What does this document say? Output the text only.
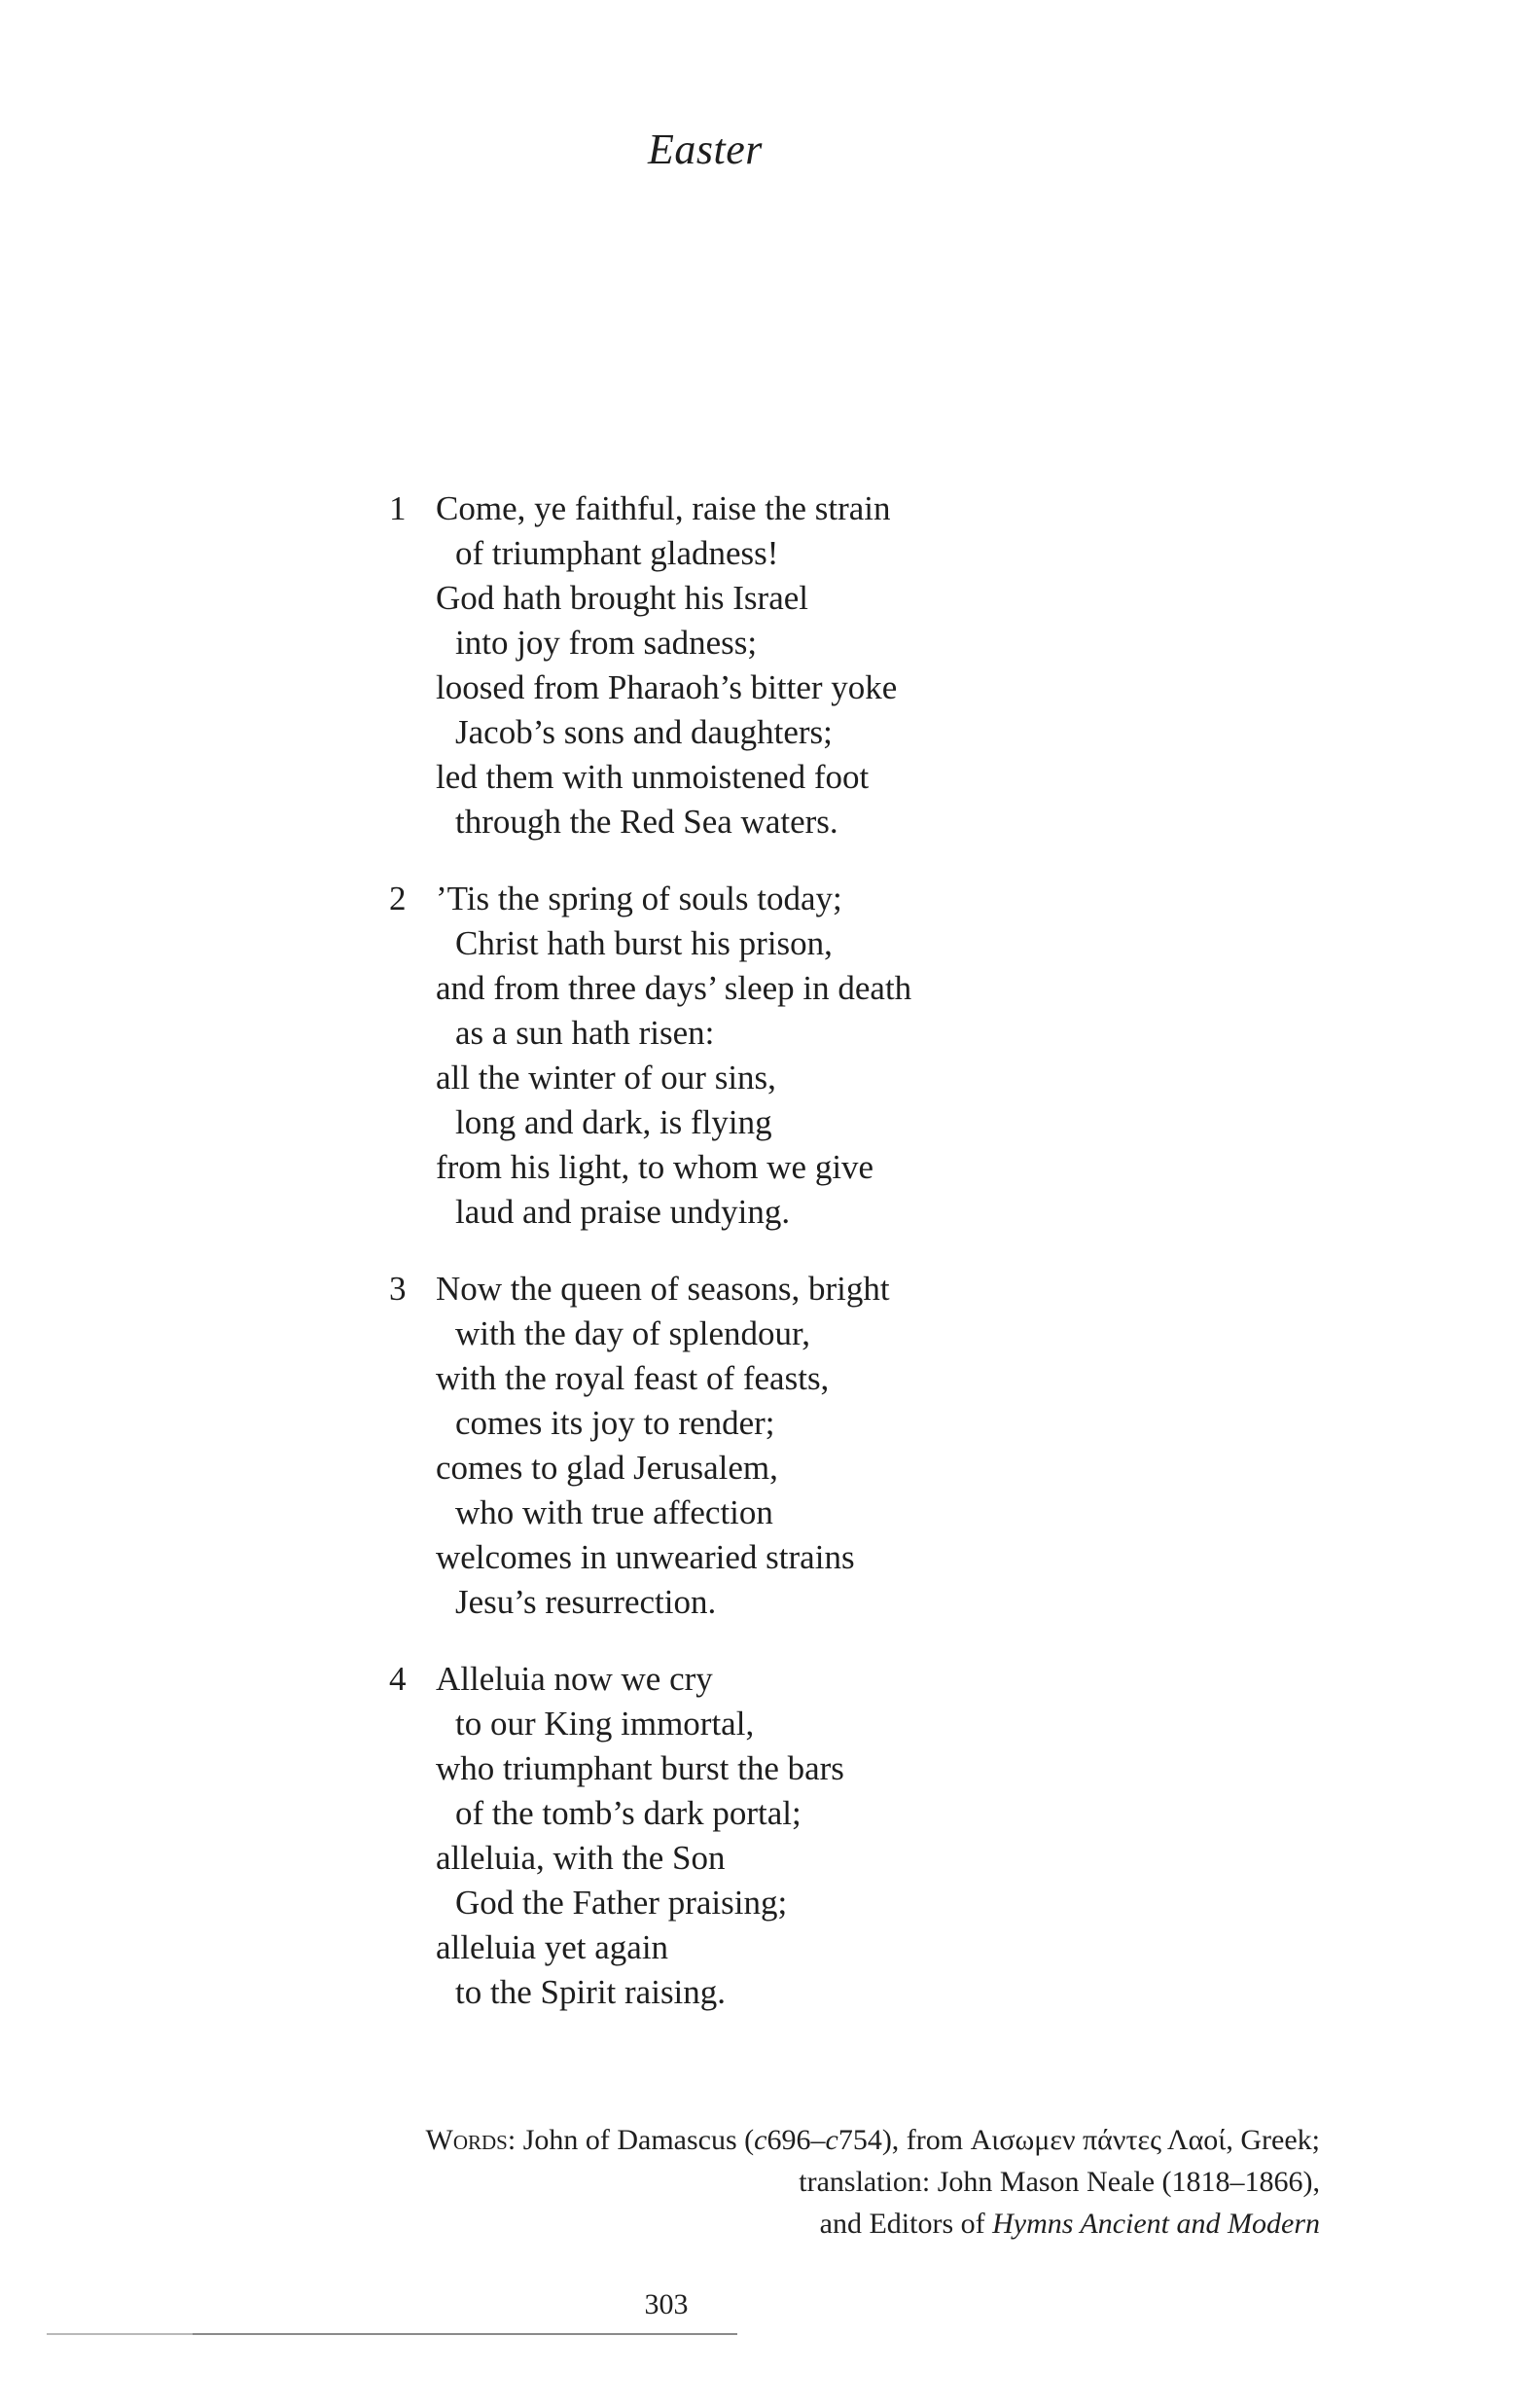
Easter
1 Come, ye faithful, raise the strain
of triumphant gladness!
God hath brought his Israel
into joy from sadness;
loosed from Pharaoh’s bitter yoke
Jacob’s sons and daughters;
led them with unmoistened foot
through the Red Sea waters.
2 ’Tis the spring of souls today;
Christ hath burst his prison,
and from three days’ sleep in death
as a sun hath risen:
all the winter of our sins,
long and dark, is flying
from his light, to whom we give
laud and praise undying.
3 Now the queen of seasons, bright
with the day of splendour,
with the royal feast of feasts,
comes its joy to render;
comes to glad Jerusalem,
who with true affection
welcomes in unwearied strains
Jesu’s resurrection.
4 Alleluia now we cry
to our King immortal,
who triumphant burst the bars
of the tomb’s dark portal;
alleluia, with the Son
God the Father praising;
alleluia yet again
to the Spirit raising.
Words: John of Damascus (c696–c754), from Αισωμεν πάντες Λαοί, Greek;
translation: John Mason Neale (1818–1866),
and Editors of Hymns Ancient and Modern
303
